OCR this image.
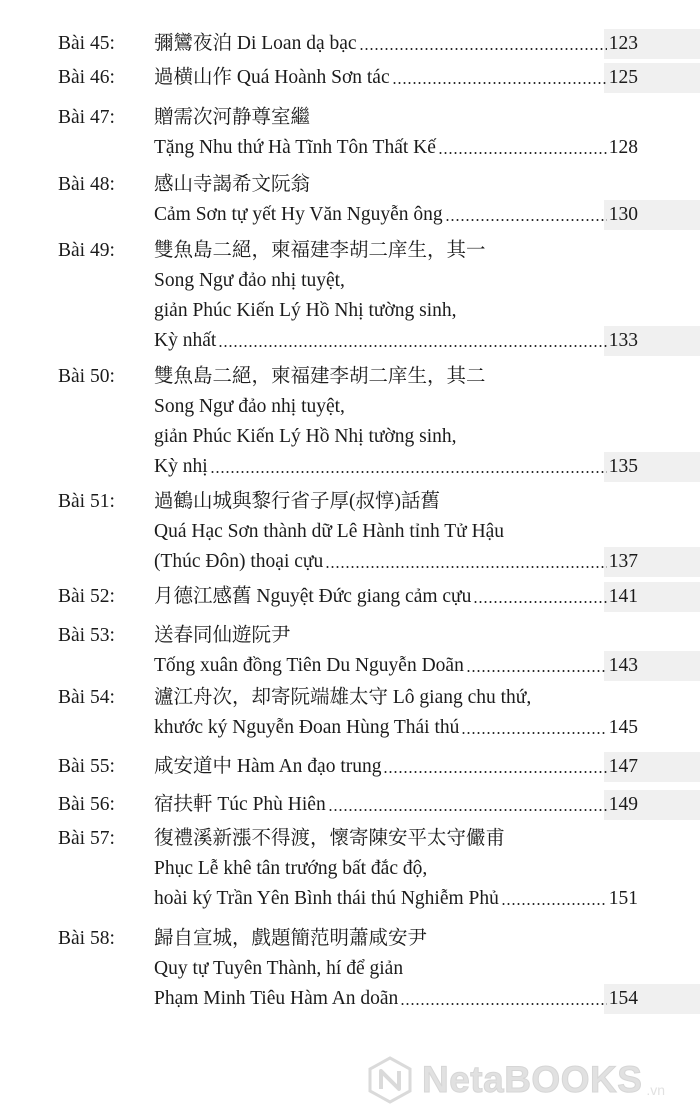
Bài 45: 彌鸞夜泊 Di Loan dạ bạc	123
Bài 46: 過横山作 Quá Hoành Sơn tác	125
Bài 47: 贈需次河静尊室繼
Tặng Nhu thứ Hà Tĩnh Tôn Thất Kế	128
Bài 48: 感山寺謁希文阮翁
Cảm Sơn tự yết Hy Văn Nguyễn ông	130
Bài 49: 雙魚島二絕，柬福建李胡二庠生，其一
Song Ngư đảo nhị tuyệt,
giản Phúc Kiến Lý Hồ Nhị tường sinh,
Kỳ nhất	133
Bài 50: 雙魚島二絕，柬福建李胡二庠生，其二
Song Ngư đảo nhị tuyệt,
giản Phúc Kiến Lý Hồ Nhị tường sinh,
Kỳ nhị	135
Bài 51: 過鶴山城與黎行省子厚(叔惇)話舊
Quá Hạc Sơn thành dữ Lê Hành tỉnh Tử Hậu
(Thúc Đôn) thoại cựu	137
Bài 52: 月德江感舊 Nguyệt Đức giang cảm cựu	141
Bài 53: 送春同仙遊阮尹
Tống xuân đồng Tiên Du Nguyễn Doãn	143
Bài 54: 瀘江舟次，却寄阮端雄太守 Lô giang chu thứ,
khước ký Nguyễn Đoan Hùng Thái thú	145
Bài 55: 咸安道中 Hàm An đạo trung	147
Bài 56: 宿扶軒 Túc Phù Hiên	149
Bài 57: 復禮溪新漲不得渡，懷寄陳安平太守儼甫
Phục Lễ khê tân trướng bất đắc độ,
hoài ký Trần Yên Bình thái thú Nghiễm Phủ	151
Bài 58: 歸自宣城，戲題簡范明蕭咸安尹
Quy tự Tuyên Thành, hí để giản
Phạm Minh Tiêu Hàm An doãn	154
NetaBOOKS .vn
